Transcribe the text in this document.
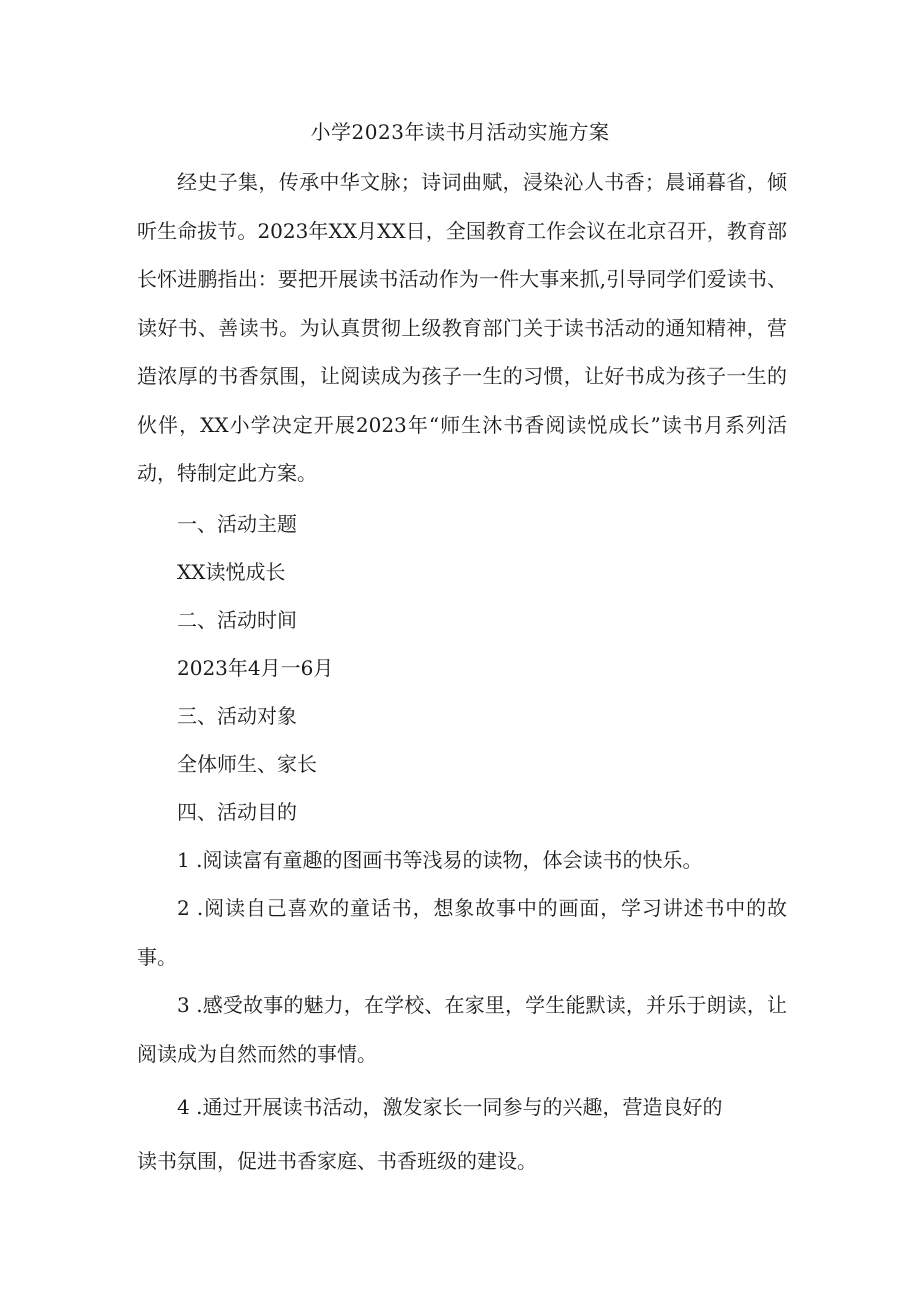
小学2023年读书月活动实施方案
经史子集，传承中华文脉；诗词曲赋，浸染沁人书香；晨诵暮省，倾听生命拔节。2023年XX月XX日，全国教育工作会议在北京召开，教育部长怀进鹏指出：要把开展读书活动作为一件大事来抓,引导同学们爱读书、读好书、善读书。为认真贯彻上级教育部门关于读书活动的通知精神，营造浓厚的书香氛围，让阅读成为孩子一生的习惯，让好书成为孩子一生的伙伴，XX小学决定开展2023年“师生沐书香阅读悦成长”读书月系列活动，特制定此方案。
一、活动主题
XX读悦成长
二、活动时间
2023年4月一6月
三、活动对象
全体师生、家长
四、活动目的
1 .阅读富有童趣的图画书等浅易的读物，体会读书的快乐。
2 .阅读自己喜欢的童话书，想象故事中的画面，学习讲述书中的故事。
3 .感受故事的魅力，在学校、在家里，学生能默读，并乐于朗读，让阅读成为自然而然的事情。
4 .通过开展读书活动，激发家长一同参与的兴趣，营造良好的
读书氛围，促进书香家庭、书香班级的建设。
